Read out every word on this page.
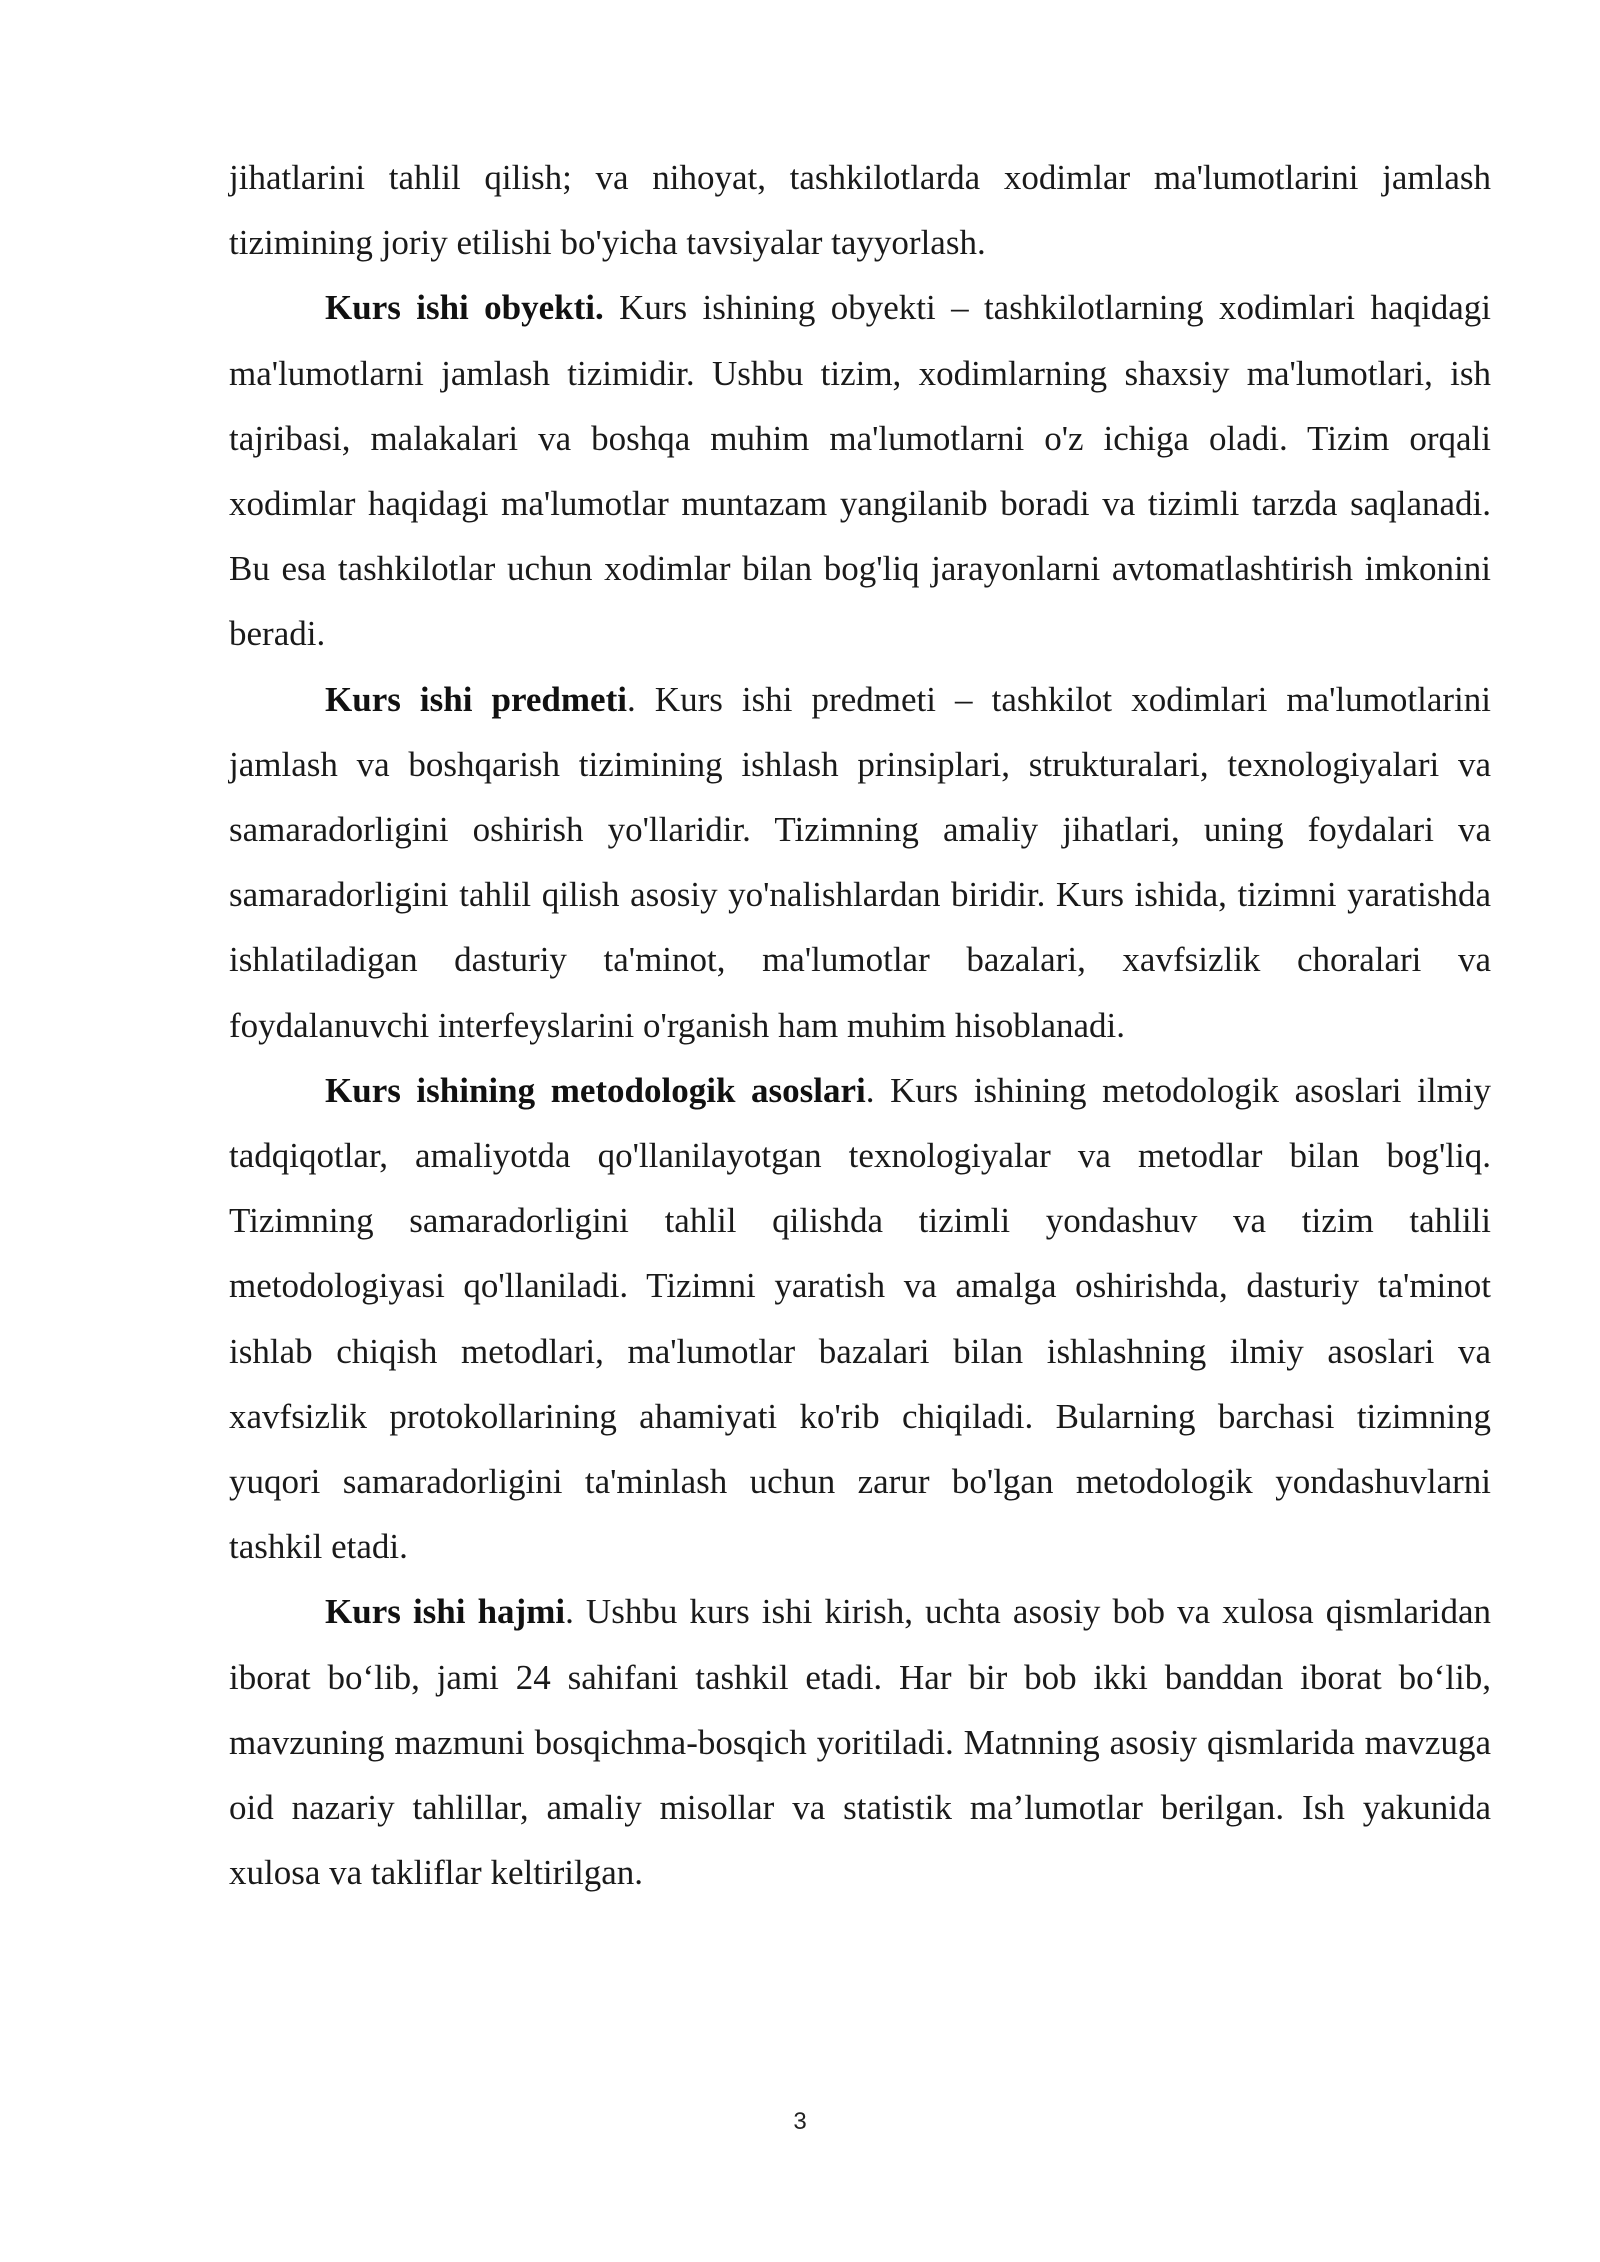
jihatlarini tahlil qilish; va nihoyat, tashkilotlarda xodimlar ma'lumotlarini jamlash tizimining joriy etilishi bo'yicha tavsiyalar tayyorlash.

Kurs ishi obyekti. Kurs ishining obyekti – tashkilotlarning xodimlari haqidagi ma'lumotlarni jamlash tizimidir. Ushbu tizim, xodimlarning shaxsiy ma'lumotlari, ish tajribasi, malakalari va boshqa muhim ma'lumotlarni o'z ichiga oladi. Tizim orqali xodimlar haqidagi ma'lumotlar muntazam yangilanib boradi va tizimli tarzda saqlanadi. Bu esa tashkilotlar uchun xodimlar bilan bog'liq jarayonlarni avtomatlashtirish imkonini beradi.

Kurs ishi predmeti. Kurs ishi predmeti – tashkilot xodimlari ma'lumotlarini jamlash va boshqarish tizimining ishlash prinsiplari, strukturalari, texnologiyalari va samaradorligini oshirish yo'llaridir. Tizimning amaliy jihatlari, uning foydalari va samaradorligini tahlil qilish asosiy yo'nalishlardan biridir. Kurs ishida, tizimni yaratishda ishlatiladigan dasturiy ta'minot, ma'lumotlar bazalari, xavfsizlik choralari va foydalanuvchi interfeyslarini o'rganish ham muhim hisoblanadi.

Kurs ishining metodologik asoslari. Kurs ishining metodologik asoslari ilmiy tadqiqotlar, amaliyotda qo'llanilayotgan texnologiyalar va metodlar bilan bog'liq. Tizimning samaradorligini tahlil qilishda tizimli yondashuv va tizim tahlili metodologiyasi qo'llaniladi. Tizimni yaratish va amalga oshirishda, dasturiy ta'minot ishlab chiqish metodlari, ma'lumotlar bazalari bilan ishlashning ilmiy asoslari va xavfsizlik protokollarining ahamiyati ko'rib chiqiladi. Bularning barchasi tizimning yuqori samaradorligini ta'minlash uchun zarur bo'lgan metodologik yondashuvlarni tashkil etadi.

Kurs ishi hajmi. Ushbu kurs ishi kirish, uchta asosiy bob va xulosa qismlaridan iborat bo‘lib, jami 24 sahifani tashkil etadi. Har bir bob ikki banddan iborat bo‘lib, mavzuning mazmuni bosqichma-bosqich yoritiladi. Matnning asosiy qismlarida mavzuga oid nazariy tahlillar, amaliy misollar va statistik ma’lumotlar berilgan. Ish yakunida xulosa va takliflar keltirilgan.

3
